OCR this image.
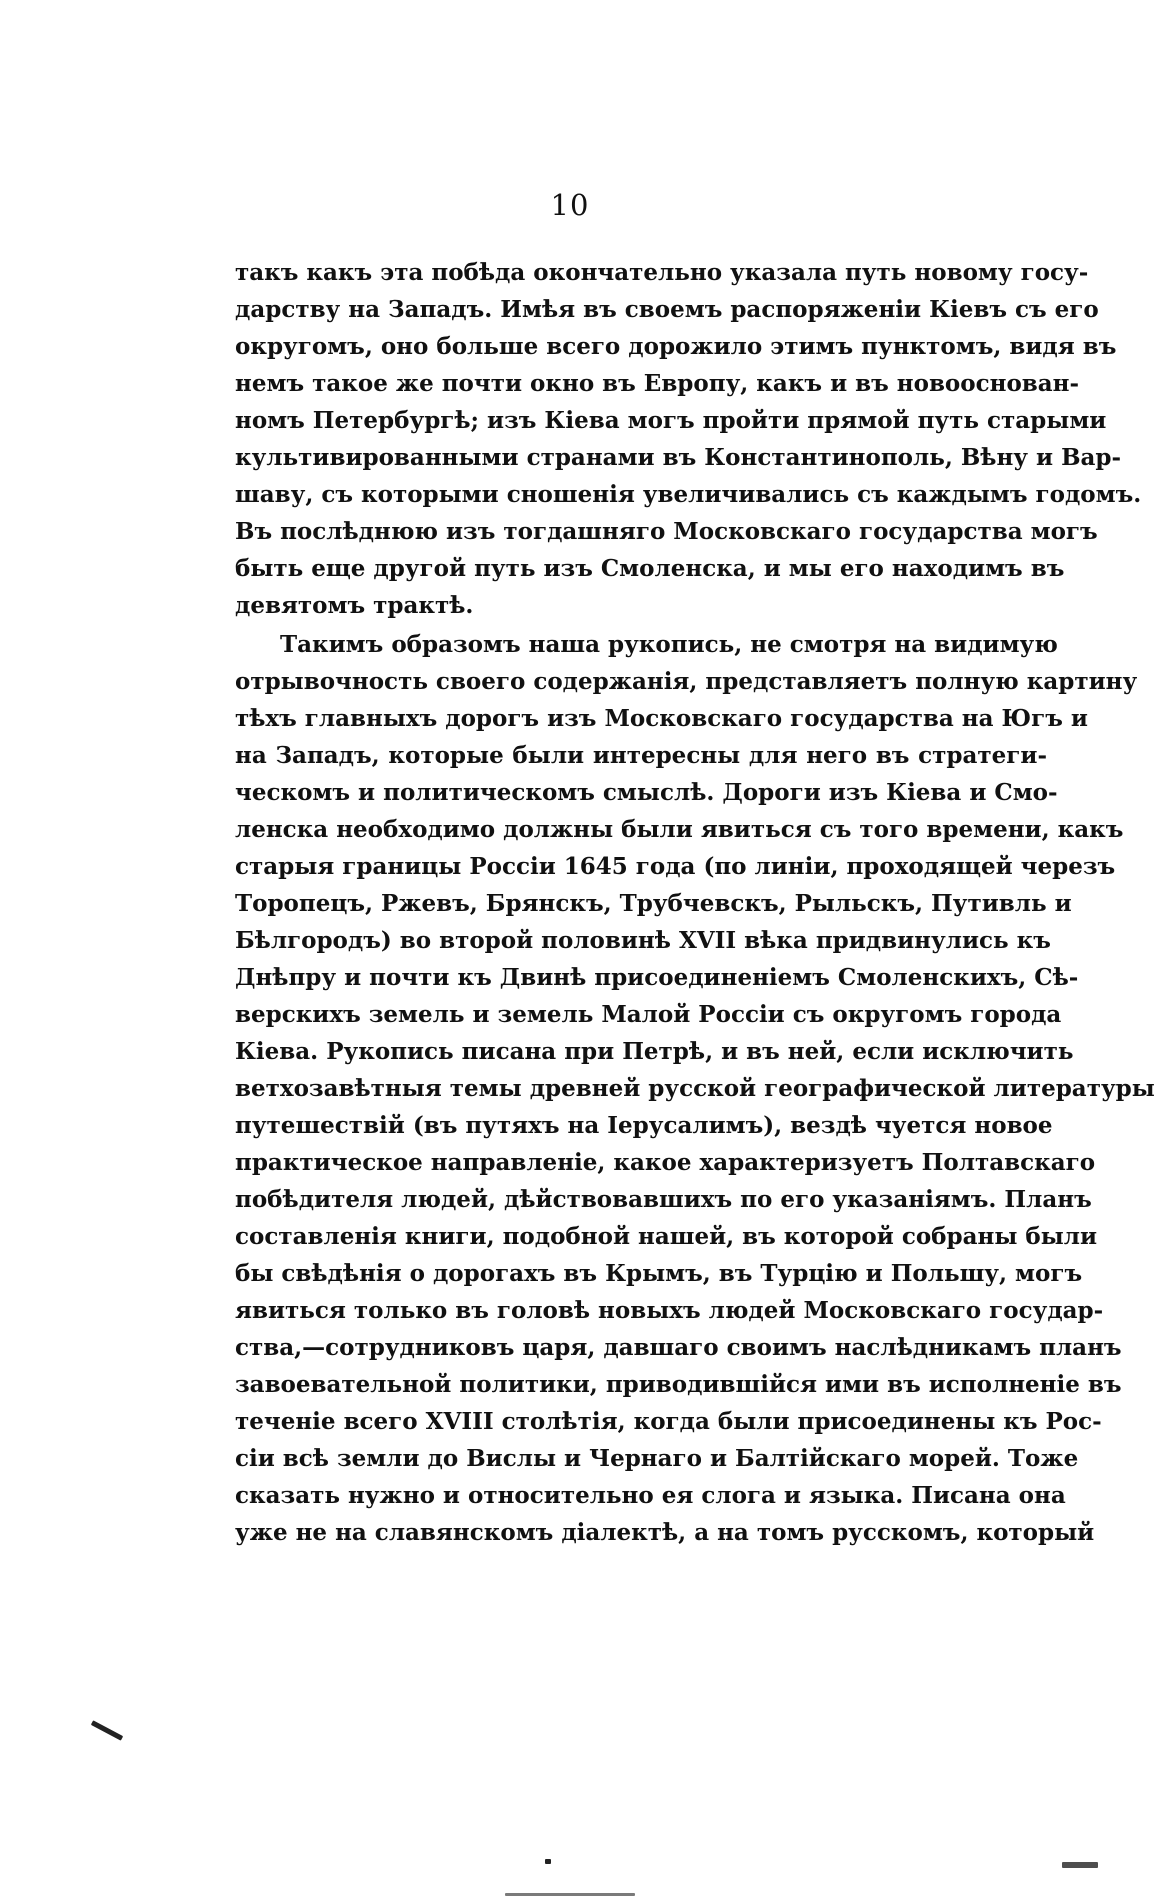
10
такъ какъ эта побѣда окончательно указала путь новому госу-
дарству на Западъ. Имѣя въ своемъ распоряженіи Кіевъ съ его
округомъ, оно больше всего дорожило этимъ пунктомъ, видя въ
немъ такое же почти окно въ Европу, какъ и въ новооснован-
номъ Петербургѣ; изъ Кіева могъ пройти прямой путь старыми
культивированными странами въ Константинополь, Вѣну и Вар-
шаву, съ которыми сношенія увеличивались съ каждымъ годомъ.
Въ послѣднюю изъ тогдашняго Московскаго государства могъ
быть еще другой путь изъ Смоленска, и мы его находимъ въ
девятомъ трактѣ.
Такимъ образомъ наша рукопись, не смотря на видимую
отрывочность своего содержанія, представляетъ полную картину
тѣхъ главныхъ дорогъ изъ Московскаго государства на Югъ и
на Западъ, которые были интересны для него въ стратеги-
ческомъ и политическомъ смыслѣ. Дороги изъ Кіева и Смо-
ленска необходимо должны были явиться съ того времени, какъ
старыя границы Россіи 1645 года (по линіи, проходящей черезъ
Торопецъ, Ржевъ, Брянскъ, Трубчевскъ, Рыльскъ, Путивль и
Бѣлгородъ) во второй половинѣ XVII вѣка придвинулись къ
Днѣпру и почти къ Двинѣ присоединеніемъ Смоленскихъ, Сѣ-
верскихъ земель и земель Малой Россіи съ округомъ города
Кіева. Рукопись писана при Петрѣ, и въ ней, если исключить
ветхозавѣтныя темы древней русской географической литературы
путешествій (въ путяхъ на Іерусалимъ), вездѣ чуется новое
практическое направленіе, какое характеризуетъ Полтавскаго
побѣдителя людей, дѣйствовавшихъ по его указаніямъ. Планъ
составленія книги, подобной нашей, въ которой собраны были
бы свѣдѣнія о дорогахъ въ Крымъ, въ Турцію и Польшу, могъ
явиться только въ головѣ новыхъ людей Московскаго государ-
ства,—сотрудниковъ царя, давшаго своимъ наслѣдникамъ планъ
завоевательной политики, приводившійся ими въ исполненіе въ
теченіе всего XVIII столѣтія, когда были присоединены къ Рос-
сіи всѣ земли до Вислы и Чернаго и Балтійскаго морей. Тоже
сказать нужно и относительно ея слога и языка. Писана она
уже не на славянскомъ діалектѣ, а на томъ русскомъ, который
